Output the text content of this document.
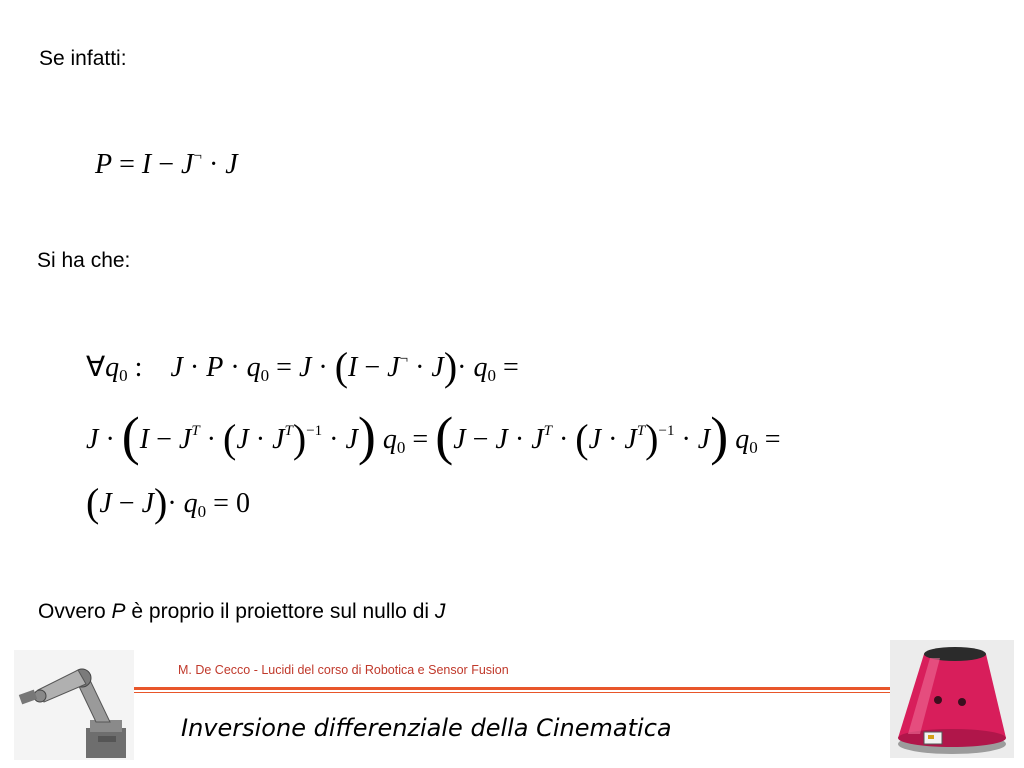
Se infatti:
P = I − J¬ · J
Si ha che:
$\forall q_0$ :    $J \cdot P \cdot q_0 = J \cdot (I - J^\neg \cdot J)\cdot q_0$ =
$J \cdot (I - J^T \cdot (J \cdot J^T)^{-1} \cdot J)$ $q_0 = (J - J \cdot J^T \cdot (J \cdot J^T)^{-1} \cdot J) q_0$ =
$(J - J)\cdot q_0 = 0$
Ovvero P è proprio il proiettore sul nullo di J
M. De Cecco - Lucidi del corso di Robotica e Sensor Fusion
Inversione differenziale della Cinematica
